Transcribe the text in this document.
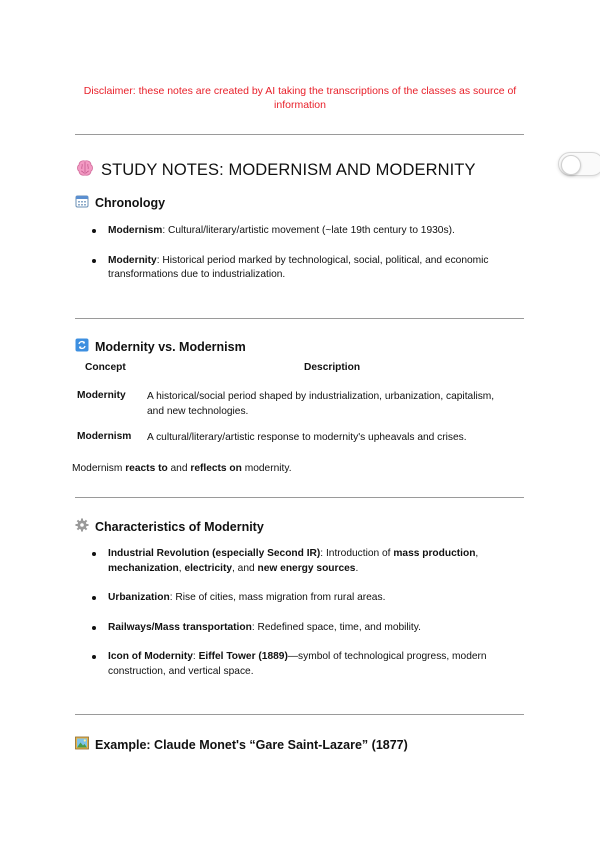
Disclaimer: these notes are created by AI taking the transcriptions of the classes as source of information
STUDY NOTES: MODERNISM AND MODERNITY
Chronology
Modernism: Cultural/literary/artistic movement (~late 19th century to 1930s).
Modernity: Historical period marked by technological, social, political, and economic transformations due to industrialization.
Modernity vs. Modernism
Concept	Description
Modernity A historical/social period shaped by industrialization, urbanization, capitalism, and new technologies.
Modernism A cultural/literary/artistic response to modernity's upheavals and crises.
Modernism reacts to and reflects on modernity.
Characteristics of Modernity
Industrial Revolution (especially Second IR): Introduction of mass production, mechanization, electricity, and new energy sources.
Urbanization: Rise of cities, mass migration from rural areas.
Railways/Mass transportation: Redefined space, time, and mobility.
Icon of Modernity: Eiffel Tower (1889)—symbol of technological progress, modern construction, and vertical space.
Example: Claude Monet's “Gare Saint-Lazare” (1877)
